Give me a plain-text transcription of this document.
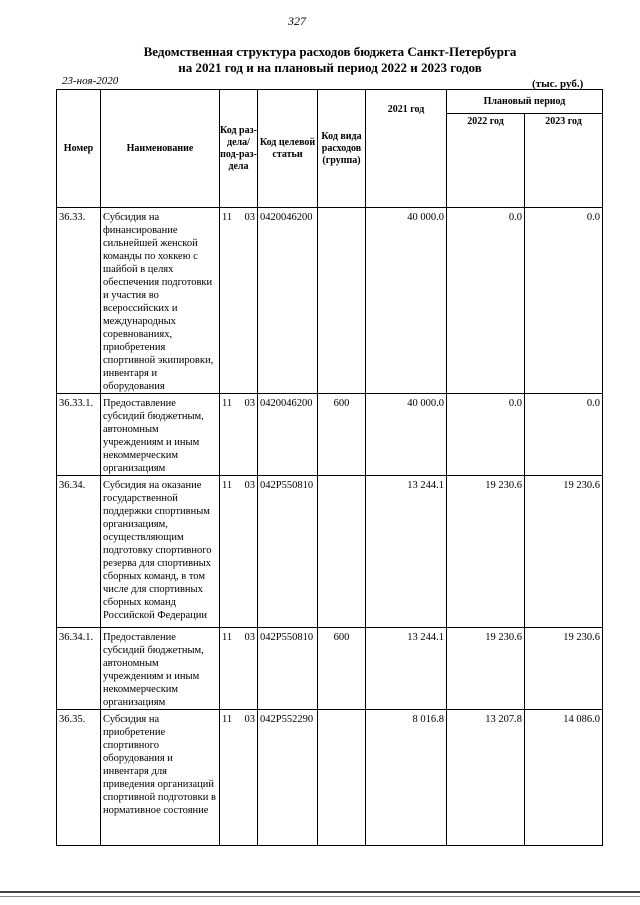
327
Ведомственная структура расходов бюджета Санкт-Петербурга
на 2021 год и на плановый период 2022 и 2023 годов
23-ноя-2020	(тыс. руб.)
Номер	Наименование	Код раз-дела/ под-раз-дела	Код целевой статьи	Код вида расходов (группа)	2021 год	Плановый период	
						2022 год	2023 год
36.33.	Субсидия на финансирование сильнейшей женской команды по хоккею с шайбой в целях обеспечения подготовки и участия во всероссийских и международных соревнованиях, приобретения спортивной экипировки, инвентаря и оборудования	11 03	0420046200		40 000.0	0.0	0.0
36.33.1.	Предоставление субсидий бюджетным, автономным учреждениям и иным некоммерческим организациям	11 03	0420046200	600	40 000.0	0.0	0.0
36.34.	Субсидия на оказание государственной поддержки спортивным организациям, осуществляющим подготовку спортивного резерва для спортивных сборных команд, в том числе для спортивных сборных команд Российской Федерации	11 03	042P550810		13 244.1	19 230.6	19 230.6
36.34.1.	Предоставление субсидий бюджетным, автономным учреждениям и иным некоммерческим организациям	11 03	042P550810	600	13 244.1	19 230.6	19 230.6
36.35.	Субсидия на приобретение спортивного оборудования и инвентаря для приведения организаций спортивной подготовки в нормативное состояние	11 03	042P552290		8 016.8	13 207.8	14 086.0
